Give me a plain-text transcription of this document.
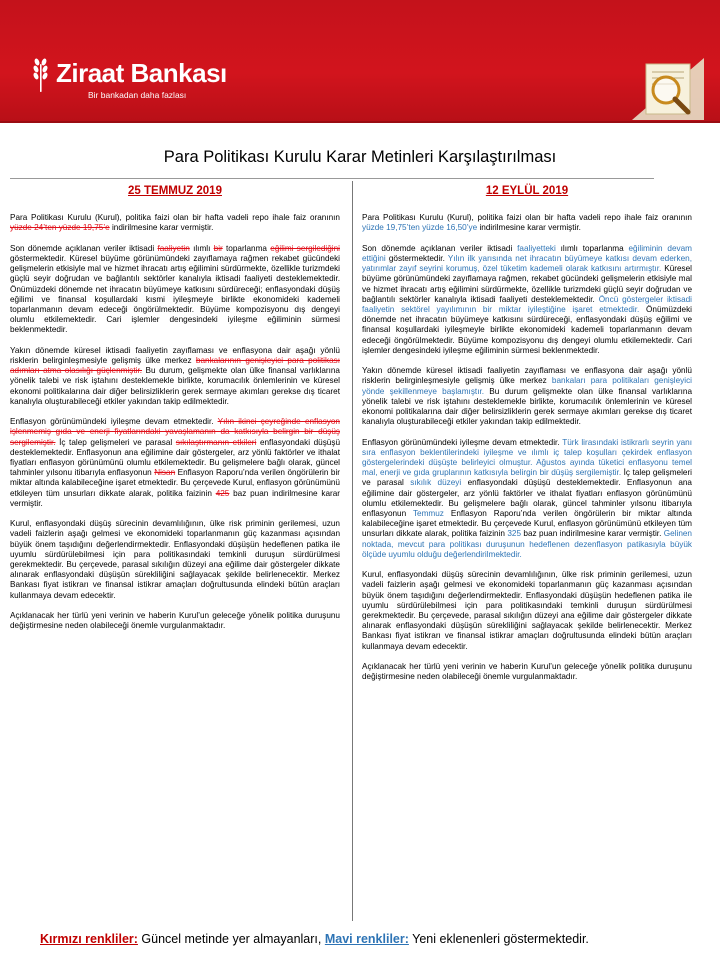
Ziraat Bankası
Bir bankadan daha fazlası
Para Politikası Kurulu Karar Metinleri Karşılaştırılması
25 TEMMUZ 2019
Para Politikası Kurulu (Kurul), politika faizi olan bir hafta vadeli repo ihale faiz oranının yüzde 24’ten yüzde 19,75’e indirilmesine karar vermiştir.
Son dönemde açıklanan veriler iktisadi faaliyetin ılımlı bir toparlanma eğilimi sergilediğini göstermektedir. Küresel büyüme görünümündeki zayıflamaya rağmen rekabet gücündeki gelişmelerin etkisiyle mal ve hizmet ihracatı artış eğilimini sürdürmekte, özellikle turizmdeki güçlü seyir doğrudan ve bağlantılı sektörler kanalıyla iktisadi faaliyeti desteklemektedir. Önümüzdeki dönemde net ihracatın büyümeye katkısını sürdüreceği; enflasyondaki düşüş eğilimi ve finansal koşullardaki kısmi iyileşmeyle birlikte ekonomideki kademeli toparlanmanın devam edeceği öngörülmektedir. Büyüme kompozisyonu dış dengeyi olumlu etkilemektedir. Cari işlemler dengesindeki iyileşme eğiliminin sürmesi beklenmektedir.
Yakın dönemde küresel iktisadi faaliyetin zayıflaması ve enflasyona dair aşağı yönlü risklerin belirginleşmesiyle gelişmiş ülke merkez bankalarının genişleyici para politikası adımları atma olasılığı güçlenmiştir. Bu durum, gelişmekte olan ülke finansal varlıklarına yönelik talebi ve risk iştahını desteklemekle birlikte, korumacılık önlemlerinin ve küresel ekonomi politikalarına dair diğer belirsizliklerin gerek sermaye akımları gerekse dış ticaret kanalıyla oluşturabileceği etkiler yakından takip edilmektedir.
Enflasyon görünümündeki iyileşme devam etmektedir. Yılın ikinci çeyreğinde enflasyon işlenmemiş gıda ve enerji fiyatlarındaki yavaşlamanın da katkısıyla belirgin bir düşüş sergilemiştir. İç talep gelişmeleri ve parasal sıkılaştırmanın etkileri enflasyondaki düşüşü desteklemektedir. Enflasyonun ana eğilimine dair göstergeler, arz yönlü faktörler ve ithalat fiyatları enflasyon görünümünü olumlu etkilemektedir. Bu gelişmelere bağlı olarak, güncel tahminler yılsonu itibarıyla enflasyonun Nisan Enflasyon Raporu’nda verilen öngörülerin bir miktar altında kalabileceğine işaret etmektedir. Bu çerçevede Kurul, enflasyon görünümünü etkileyen tüm unsurları dikkate alarak, politika faizinin 425 baz puan indirilmesine karar vermiştir.
Kurul, enflasyondaki düşüş sürecinin devamlılığının, ülke risk priminin gerilemesi, uzun vadeli faizlerin aşağı gelmesi ve ekonomideki toparlanmanın güç kazanması açısından büyük önem taşıdığını değerlendirmektedir. Enflasyondaki düşüşün hedeflenen patika ile uyumlu sürdürülebilmesi için para politikasındaki temkinli duruşun sürdürülmesi gerekmektedir. Bu çerçevede, parasal sıkılığın düzeyi ana eğilime dair göstergeler dikkate alınarak enflasyondaki düşüşün sürekliliğini sağlayacak şekilde belirlenecektir. Merkez Bankası fiyat istikrarı ve finansal istikrar amaçları doğrultusunda elindeki bütün araçları kullanmaya devam edecektir.
Açıklanacak her türlü yeni verinin ve haberin Kurul’un geleceğe yönelik politika duruşunu değiştirmesine neden olabileceği önemle vurgulanmaktadır.
12 EYLÜL 2019
Para Politikası Kurulu (Kurul), politika faizi olan bir hafta vadeli repo ihale faiz oranının yüzde 19,75’ten yüzde 16,50’ye indirilmesine karar vermiştir.
Son dönemde açıklanan veriler iktisadi faaliyetteki ılımlı toparlanma eğiliminin devam ettiğini göstermektedir. Yılın ilk yarısında net ihracatın büyümeye katkısı devam ederken, yatırımlar zayıf seyrini korumuş, özel tüketim kademeli olarak katkısını artırmıştır. Küresel büyüme görünümündeki zayıflamaya rağmen, rekabet gücündeki gelişmelerin etkisiyle mal ve hizmet ihracatı artış eğilimini sürdürmekte, özellikle turizmdeki güçlü seyir doğrudan ve bağlantılı sektörler kanalıyla iktisadi faaliyeti desteklemektedir. Öncü göstergeler iktisadi faaliyetin sektörel yayılımının bir miktar iyileştiğine işaret etmektedir. Önümüzdeki dönemde net ihracatın büyümeye katkısını sürdüreceği, enflasyondaki düşüş eğilimi ve finansal koşullardaki iyileşmeyle birlikte ekonomideki kademeli toparlanmanın devam edeceği öngörülmektedir. Büyüme kompozisyonu dış dengeyi olumlu etkilemektedir. Cari işlemler dengesindeki iyileşme eğiliminin sürmesi beklenmektedir.
Yakın dönemde küresel iktisadi faaliyetin zayıflaması ve enflasyona dair aşağı yönlü risklerin belirginleşmesiyle gelişmiş ülke merkez bankaları para politikaları genişleyici yönde şekillenmeye başlamıştır. Bu durum gelişmekte olan ülke finansal varlıklarına yönelik talebi ve risk iştahını desteklemekle birlikte, korumacılık önlemlerinin ve küresel ekonomi politikalarına dair diğer belirsizliklerin gerek sermaye akımları gerekse dış ticaret kanalıyla oluşturabileceği etkiler yakından takip edilmektedir.
Enflasyon görünümündeki iyileşme devam etmektedir. Türk lirasındaki istikrarlı seyrin yanı sıra enflasyon beklentilerindeki iyileşme ve ılımlı iç talep koşulları çekirdek enflasyon göstergelerindeki düşüşte belirleyici olmuştur. Ağustos ayında tüketici enflasyonu temel mal, enerji ve gıda gruplarının katkısıyla belirgin bir düşüş sergilemiştir. İç talep gelişmeleri ve parasal sıkılık düzeyi enflasyondaki düşüşü desteklemektedir. Enflasyonun ana eğilimine dair göstergeler, arz yönlü faktörler ve ithalat fiyatları enflasyon görünümünü olumlu etkilemektedir. Bu gelişmelere bağlı olarak, güncel tahminler yılsonu itibarıyla enflasyonun Temmuz Enflasyon Raporu’nda verilen öngörülerin bir miktar altında kalabileceğine işaret etmektedir. Bu çerçevede Kurul, enflasyon görünümünü etkileyen tüm unsurları dikkate alarak, politika faizinin 325 baz puan indirilmesine karar vermiştir. Gelinen noktada, mevcut para politikası duruşunun hedeflenen dezenflasyon patikasıyla büyük ölçüde uyumlu olduğu değerlendirilmektedir.
Kurul, enflasyondaki düşüş sürecinin devamlılığının, ülke risk priminin gerilemesi, uzun vadeli faizlerin aşağı gelmesi ve ekonomideki toparlanmanın güç kazanması açısından büyük önem taşıdığını değerlendirmektedir. Enflasyondaki düşüşün hedeflenen patika ile uyumlu sürdürülebilmesi için para politikasındaki temkinli duruşun sürdürülmesi gerekmektedir. Bu çerçevede, parasal sıkılığın düzeyi ana eğilime dair göstergeler dikkate alınarak enflasyondaki düşüşün sürekliliğini sağlayacak şekilde belirlenecektir. Merkez Bankası fiyat istikrarı ve finansal istikrar amaçları doğrultusunda elindeki bütün araçları kullanmaya devam edecektir.
Açıklanacak her türlü yeni verinin ve haberin Kurul’un geleceğe yönelik politika duruşunu değiştirmesine neden olabileceği önemle vurgulanmaktadır.
Kırmızı renkliler: Güncel metinde yer almayanları, Mavi renkliler: Yeni eklenenleri göstermektedir.
